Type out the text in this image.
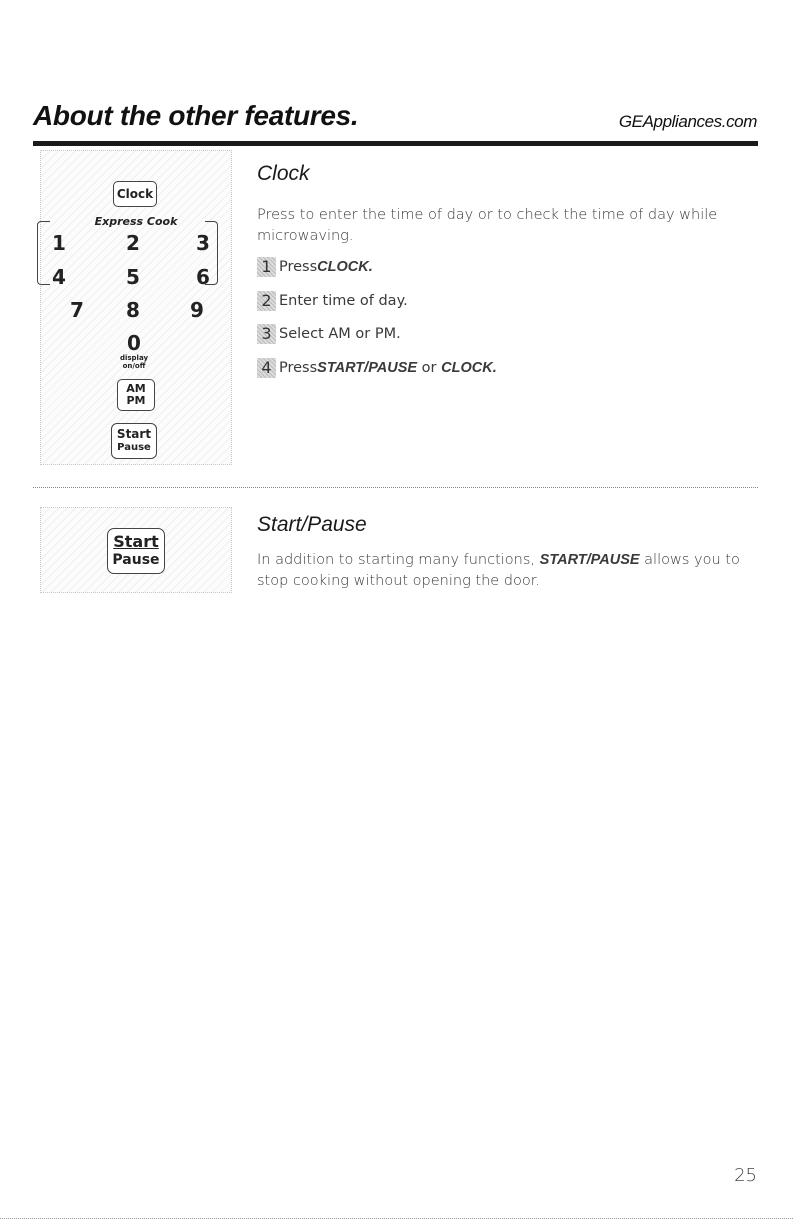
About the other features.	GEAppliances.com
Clock
Express Cook
1	2	3
4	5	6
7 8	9
0
display
on/off
AM
PM
Start
Pause
Clock
Press to enter the time of day or to check the time of day while microwaving.
1 Press CLOCK.
2 Enter time of day.
3 Select AM or PM.
4 Press START/PAUSE or CLOCK.
Start
Pause
Start/Pause
In addition to starting many functions, START/PAUSE allows you to stop cooking without opening the door.
25
